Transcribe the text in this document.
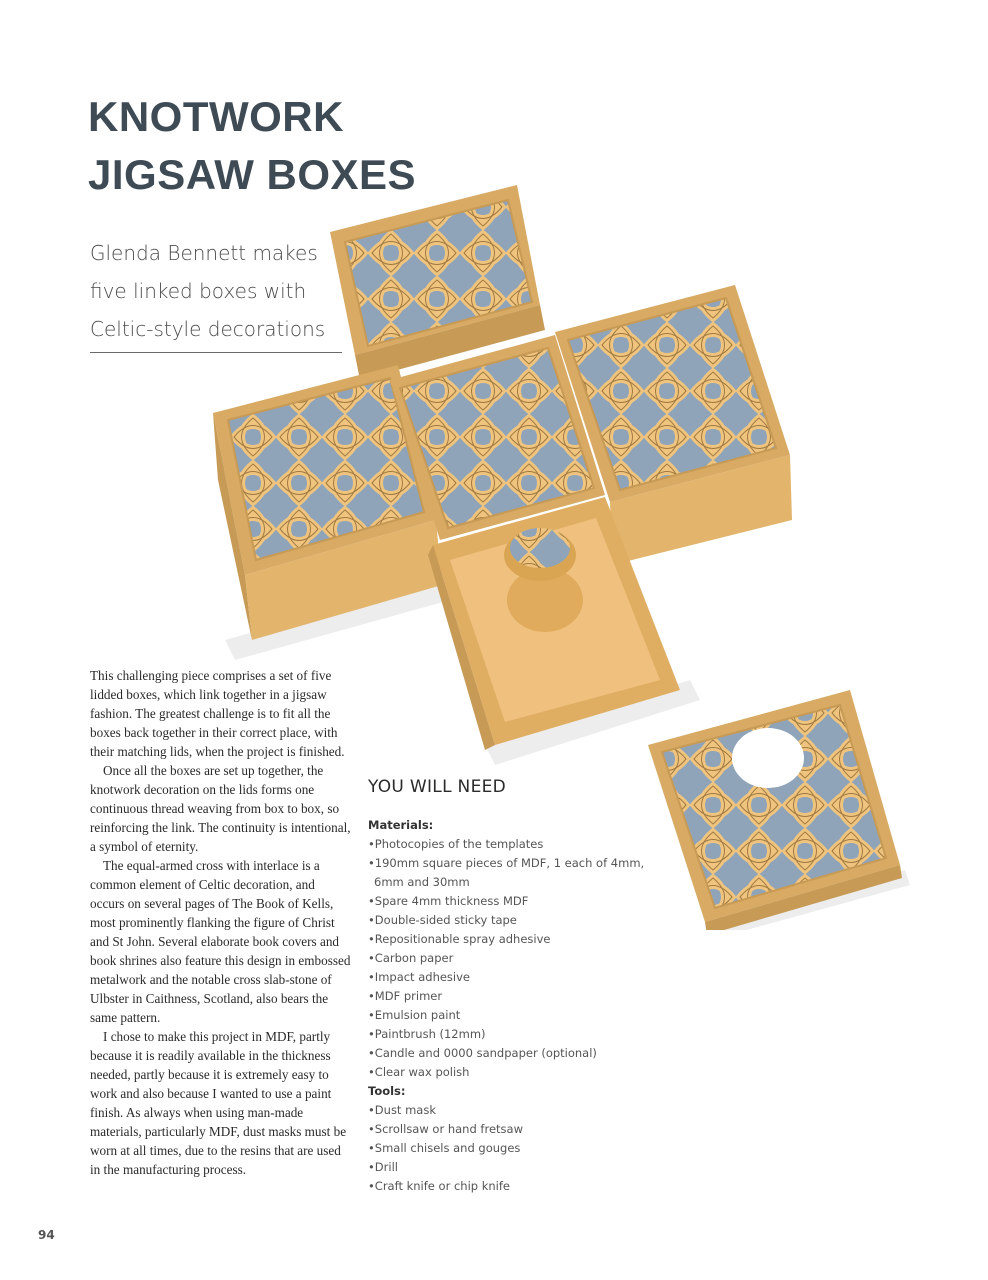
KNOTWORK
JIGSAW BOXES
Glenda Bennett makes
five linked boxes with
Celtic-style decorations

This challenging piece comprises a set of five lidded boxes, which link together in a jigsaw fashion. The greatest challenge is to fit all the boxes back together in their correct place, with their matching lids, when the project is finished.

Once all the boxes are set up together, the knotwork decoration on the lids forms one continuous thread weaving from box to box, so reinforcing the link. The continuity is intentional, a symbol of eternity.

The equal-armed cross with interlace is a common element of Celtic decoration, and occurs on several pages of The Book of Kells, most prominently flanking the figure of Christ and St John. Several elaborate book covers and book shrines also feature this design in embossed metalwork and the notable cross slab-stone of Ulbster in Caithness, Scotland, also bears the same pattern.

I chose to make this project in MDF, partly because it is readily available in the thickness needed, partly because it is extremely easy to work and also because I wanted to use a paint finish. As always when using man-made materials, particularly MDF, dust masks must be worn at all times, due to the resins that are used in the manufacturing process.

YOU WILL NEED
Materials:
• Photocopies of the templates
• 190mm square pieces of MDF, 1 each of 4mm, 6mm and 30mm
• Spare 4mm thickness MDF
• Double-sided sticky tape
• Repositionable spray adhesive
• Carbon paper
• Impact adhesive
• MDF primer
• Emulsion paint
• Paintbrush (12mm)
• Candle and 0000 sandpaper (optional)
• Clear wax polish
Tools:
• Dust mask
• Scrollsaw or hand fretsaw
• Small chisels and gouges
• Drill
• Craft knife or chip knife
94
